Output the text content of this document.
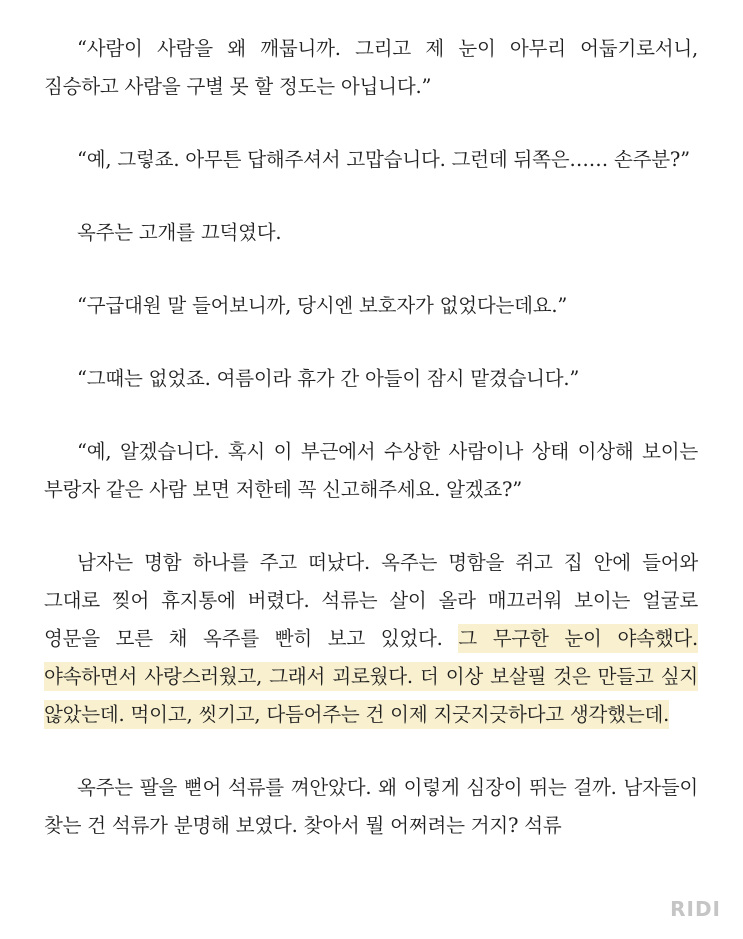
“사람이 사람을 왜 깨뭅니까. 그리고 제 눈이 아무리 어둡기로서니, 짐승하고 사람을 구별 못 할 정도는 아닙니다.”

“예, 그렇죠. 아무튼 답해주셔서 고맙습니다. 그런데 뒤쪽은…… 손주분?”

옥주는 고개를 끄덕였다.

“구급대원 말 들어보니까, 당시엔 보호자가 없었다는데요.”

“그때는 없었죠. 여름이라 휴가 간 아들이 잠시 맡겼습니다.”

“예, 알겠습니다. 혹시 이 부근에서 수상한 사람이나 상태 이상해 보이는 부랑자 같은 사람 보면 저한테 꼭 신고해주세요. 알겠죠?”

남자는 명함 하나를 주고 떠났다. 옥주는 명함을 쥐고 집 안에 들어와 그대로 찢어 휴지통에 버렸다. 석류는 살이 올라 매끄러워 보이는 얼굴로 영문을 모른 채 옥주를 빤히 보고 있었다. 그 무구한 눈이 야속했다. 야속하면서 사랑스러웠고, 그래서 괴로웠다. 더 이상 보살필 것은 만들고 싶지 않았는데. 먹이고, 씻기고, 다듬어주는 건 이제 지긋지긋하다고 생각했는데.

옥주는 팔을 뻗어 석류를 껴안았다. 왜 이렇게 심장이 뛰는 걸까. 남자들이 찾는 건 석류가 분명해 보였다. 찾아서 뭘 어쩌려는 거지? 석류

RIDI
